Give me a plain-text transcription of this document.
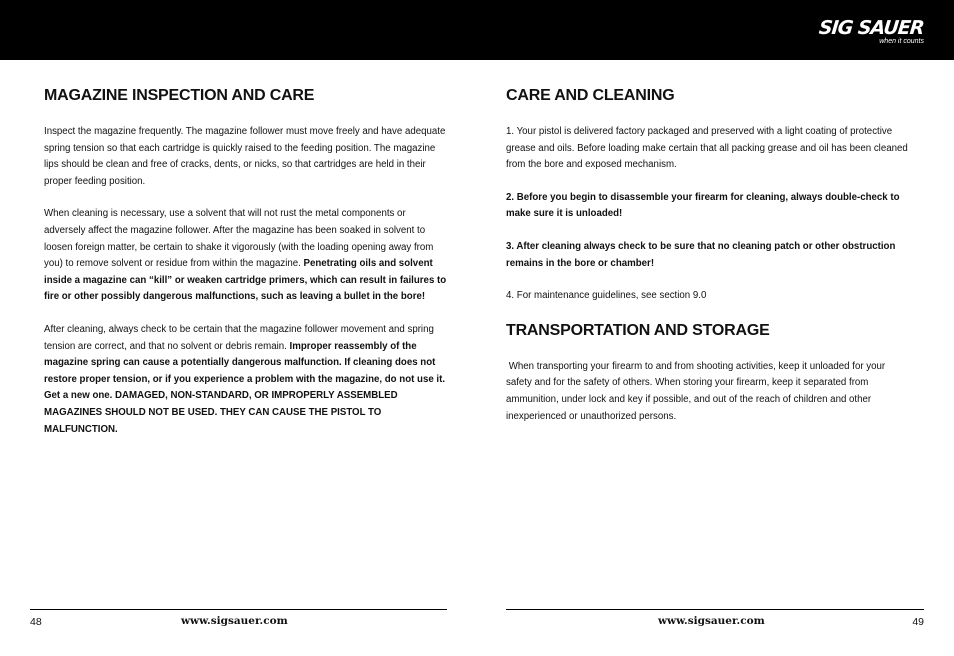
SIG SAUER
when it counts
MAGAZINE INSPECTION AND CARE

Inspect the magazine frequently. The magazine follower must move freely and have adequate spring tension so that each cartridge is quickly raised to the feeding position. The magazine lips should be clean and free of cracks, dents, or nicks, so that cartridges are held in their proper feeding position.

When cleaning is necessary, use a solvent that will not rust the metal components or adversely affect the magazine follower. After the magazine has been soaked in solvent to loosen foreign matter, be certain to shake it vigorously (with the loading opening away from you) to remove solvent or residue from within the magazine. Penetrating oils and solvent inside a magazine can “kill” or weaken cartridge primers, which can result in failures to fire or other possibly dangerous malfunctions, such as leaving a bullet in the bore!

After cleaning, always check to be certain that the magazine follower movement and spring tension are correct, and that no solvent or debris remain. Improper reassembly of the magazine spring can cause a potentially dangerous malfunction. If cleaning does not restore proper tension, or if you experience a problem with the magazine, do not use it. Get a new one. DAMAGED, NON-STANDARD, OR IMPROPERLY ASSEMBLED MAGAZINES SHOULD NOT BE USED. THEY CAN CAUSE THE PISTOL TO MALFUNCTION.

CARE AND CLEANING

1. Your pistol is delivered factory packaged and preserved with a light coating of protective grease and oils. Before loading make certain that all packing grease and oil has been cleaned from the bore and exposed mechanism.

2. Before you begin to disassemble your firearm for cleaning, always double-check to make sure it is unloaded!

3. After cleaning always check to be sure that no cleaning patch or other obstruction remains in the bore or chamber!

4. For maintenance guidelines, see section 9.0

TRANSPORTATION AND STORAGE

When transporting your firearm to and from shooting activities, keep it unloaded for your safety and for the safety of others. When storing your firearm, keep it separated from ammunition, under lock and key if possible, and out of the reach of children and other inexperienced or unauthorized persons.

48	www.sigsauer.com	www.sigsauer.com	49
